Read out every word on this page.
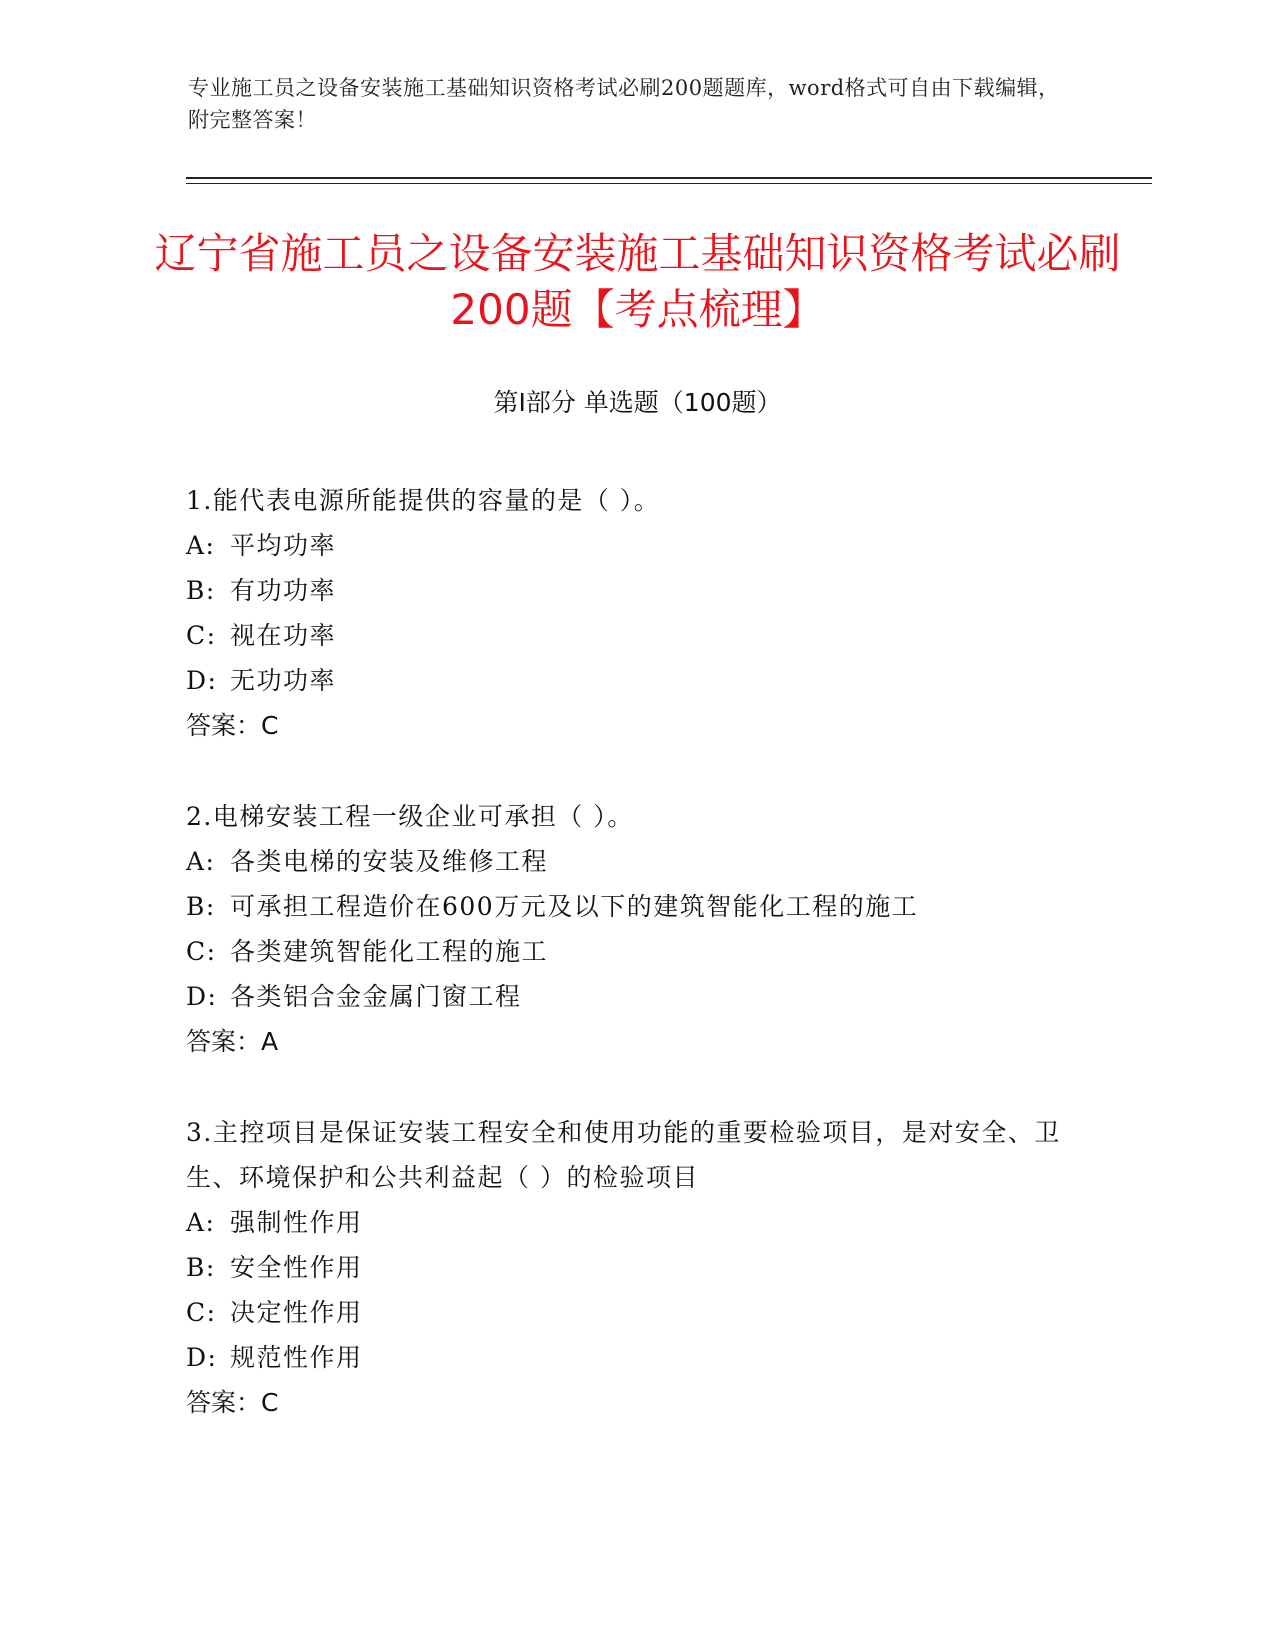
专业施工员之设备安装施工基础知识资格考试必刷200题题库，word格式可自由下载编辑，附完整答案！
辽宁省施工员之设备安装施工基础知识资格考试必刷200题【考点梳理】
第Ⅰ部分 单选题（100题）
1.能代表电源所能提供的容量的是（ ）。
A: 平均功率
B: 有功功率
C: 视在功率
D: 无功功率
答案：C
2.电梯安装工程一级企业可承担（ ）。
A: 各类电梯的安装及维修工程
B: 可承担工程造价在600万元及以下的建筑智能化工程的施工
C: 各类建筑智能化工程的施工
D: 各类铝合金金属门窗工程
答案：A
3.主控项目是保证安装工程安全和使用功能的重要检验项目，是对安全、卫生、环境保护和公共利益起（ ）的检验项目
A: 强制性作用
B: 安全性作用
C: 决定性作用
D: 规范性作用
答案：C
